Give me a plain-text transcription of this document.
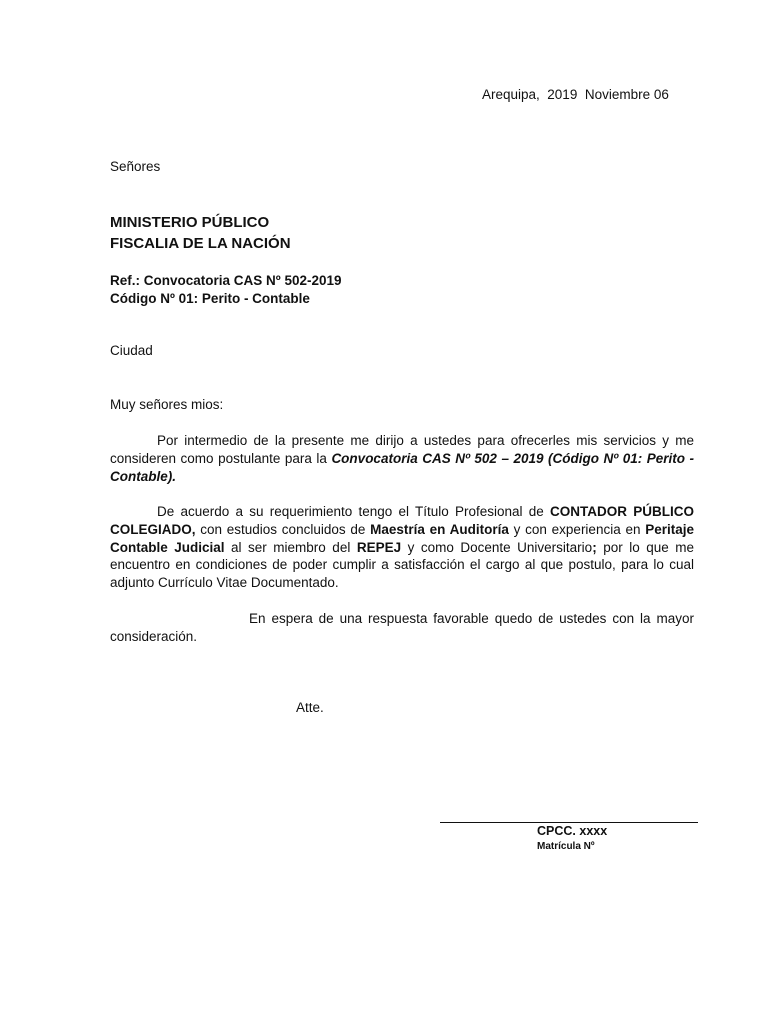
Arequipa,  2019  Noviembre 06
Señores
MINISTERIO PÚBLICO
FISCALIA DE LA NACIÓN
Ref.: Convocatoria CAS Nº 502-2019
Código Nº 01: Perito - Contable
Ciudad
Muy señores mios:
Por intermedio de la presente me dirijo a ustedes para ofrecerles mis servicios y me consideren como postulante para la Convocatoria CAS Nº 502 – 2019 (Código Nº 01: Perito - Contable).
De acuerdo a su requerimiento tengo el Título Profesional de CONTADOR PÚBLICO COLEGIADO, con estudios concluidos de Maestría en Auditoría y con experiencia en Peritaje Contable Judicial al ser miembro del REPEJ y como Docente Universitario; por lo que me encuentro en condiciones de poder cumplir a satisfacción el cargo al que postulo, para lo cual adjunto Currículo Vitae Documentado.
En espera de una respuesta favorable quedo de ustedes con la mayor consideración.
Atte.
CPCC. xxxx
Matrícula Nº
